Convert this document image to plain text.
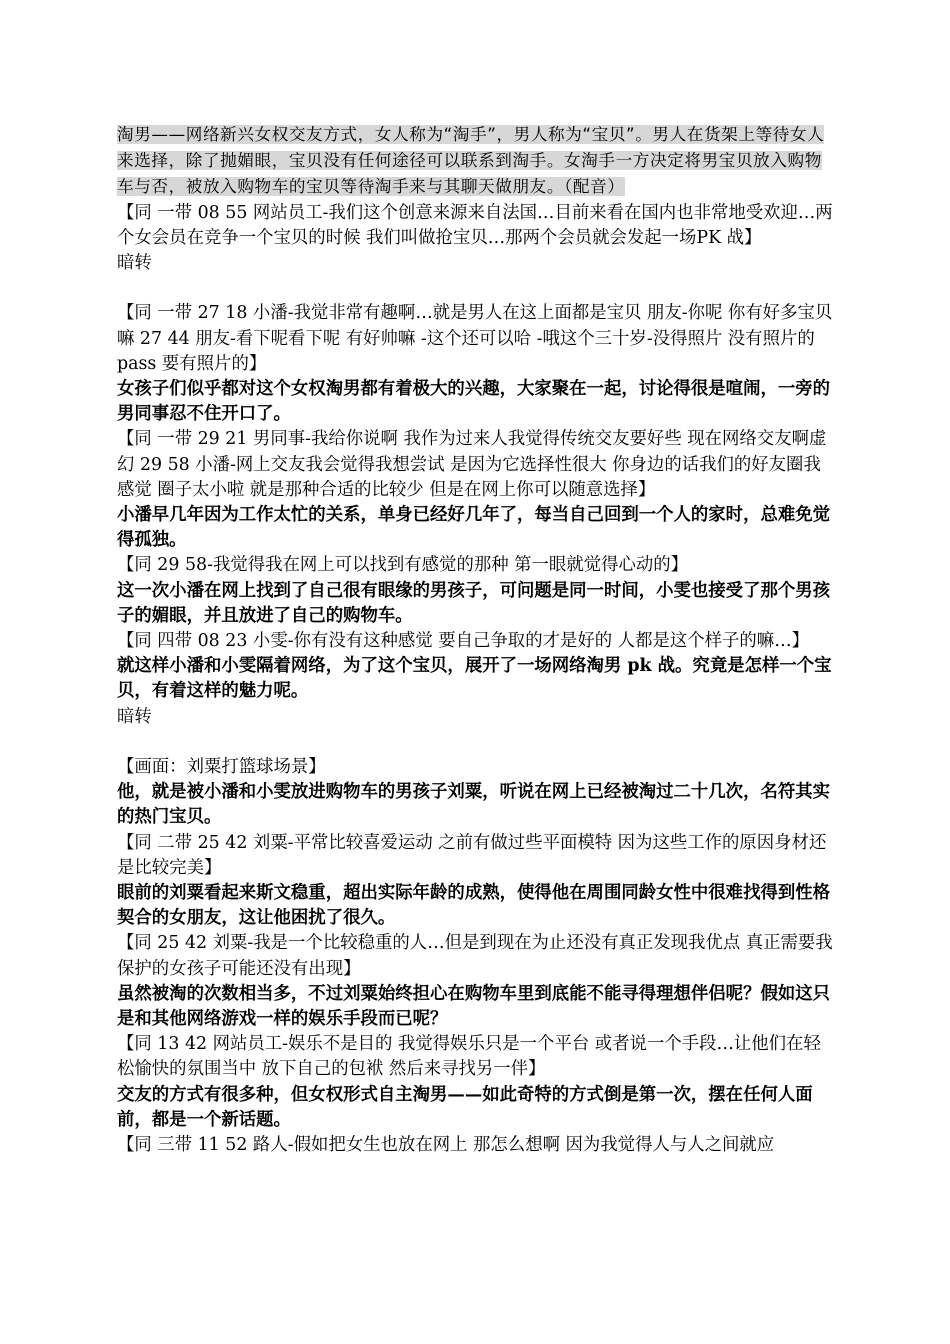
淘男——网络新兴女权交友方式，女人称为“淘手”，男人称为“宝贝”。男人在货架上等待女人来选择，除了抛媚眼，宝贝没有任何途径可以联系到淘手。女淘手一方决定将男宝贝放入购物车与否，被放入购物车的宝贝等待淘手来与其聊天做朋友。（配音）

【同 一带 08 55 网站员工-我们这个创意来源来自法国…目前来看在国内也非常地受欢迎…两个女会员在竞争一个宝贝的时候 我们叫做抢宝贝…那两个会员就会发起一场PK 战】

暗转

【同 一带 27 18 小潘-我觉非常有趣啊…就是男人在这上面都是宝贝 朋友-你呢 你有好多宝贝嘛 27 44 朋友-看下呢看下呢 有好帅嘛 -这个还可以哈 -哦这个三十岁-没得照片 没有照片的 pass 要有照片的】

女孩子们似乎都对这个女权淘男都有着极大的兴趣，大家聚在一起，讨论得很是喧闹，一旁的男同事忍不住开口了。

【同 一带 29 21 男同事-我给你说啊 我作为过来人我觉得传统交友要好些 现在网络交友啊虚幻 29 58 小潘-网上交友我会觉得我想尝试 是因为它选择性很大 你身边的话我们的好友圈我感觉 圈子太小啦 就是那种合适的比较少 但是在网上你可以随意选择】

小潘早几年因为工作太忙的关系，单身已经好几年了，每当自己回到一个人的家时，总难免觉得孤独。

【同 29 58-我觉得我在网上可以找到有感觉的那种 第一眼就觉得心动的】

这一次小潘在网上找到了自己很有眼缘的男孩子，可问题是同一时间，小雯也接受了那个男孩子的媚眼，并且放进了自己的购物车。

【同 四带 08 23 小雯-你有没有这种感觉 要自己争取的才是好的 人都是这个样子的嘛…】

就这样小潘和小雯隔着网络，为了这个宝贝，展开了一场网络淘男 pk 战。究竟是怎样一个宝贝，有着这样的魅力呢。

暗转

【画面：刘粟打篮球场景】

他，就是被小潘和小雯放进购物车的男孩子刘粟，听说在网上已经被淘过二十几次，名符其实的热门宝贝。

【同 二带 25 42 刘粟-平常比较喜爱运动 之前有做过些平面模特 因为这些工作的原因身材还是比较完美】

眼前的刘粟看起来斯文稳重，超出实际年龄的成熟，使得他在周围同龄女性中很难找得到性格契合的女朋友，这让他困扰了很久。

【同 25 42 刘粟-我是一个比较稳重的人…但是到现在为止还没有真正发现我优点 真正需要我保护的女孩子可能还没有出现】

虽然被淘的次数相当多，不过刘粟始终担心在购物车里到底能不能寻得理想伴侣呢？假如这只是和其他网络游戏一样的娱乐手段而已呢？

【同 13 42 网站员工-娱乐不是目的 我觉得娱乐只是一个平台 或者说一个手段…让他们在轻松愉快的氛围当中 放下自己的包袱 然后来寻找另一伴】

交友的方式有很多种，但女权形式自主淘男——如此奇特的方式倒是第一次，摆在任何人面前，都是一个新话题。

【同 三带 11 52 路人-假如把女生也放在网上 那怎么想啊 因为我觉得人与人之间就应
